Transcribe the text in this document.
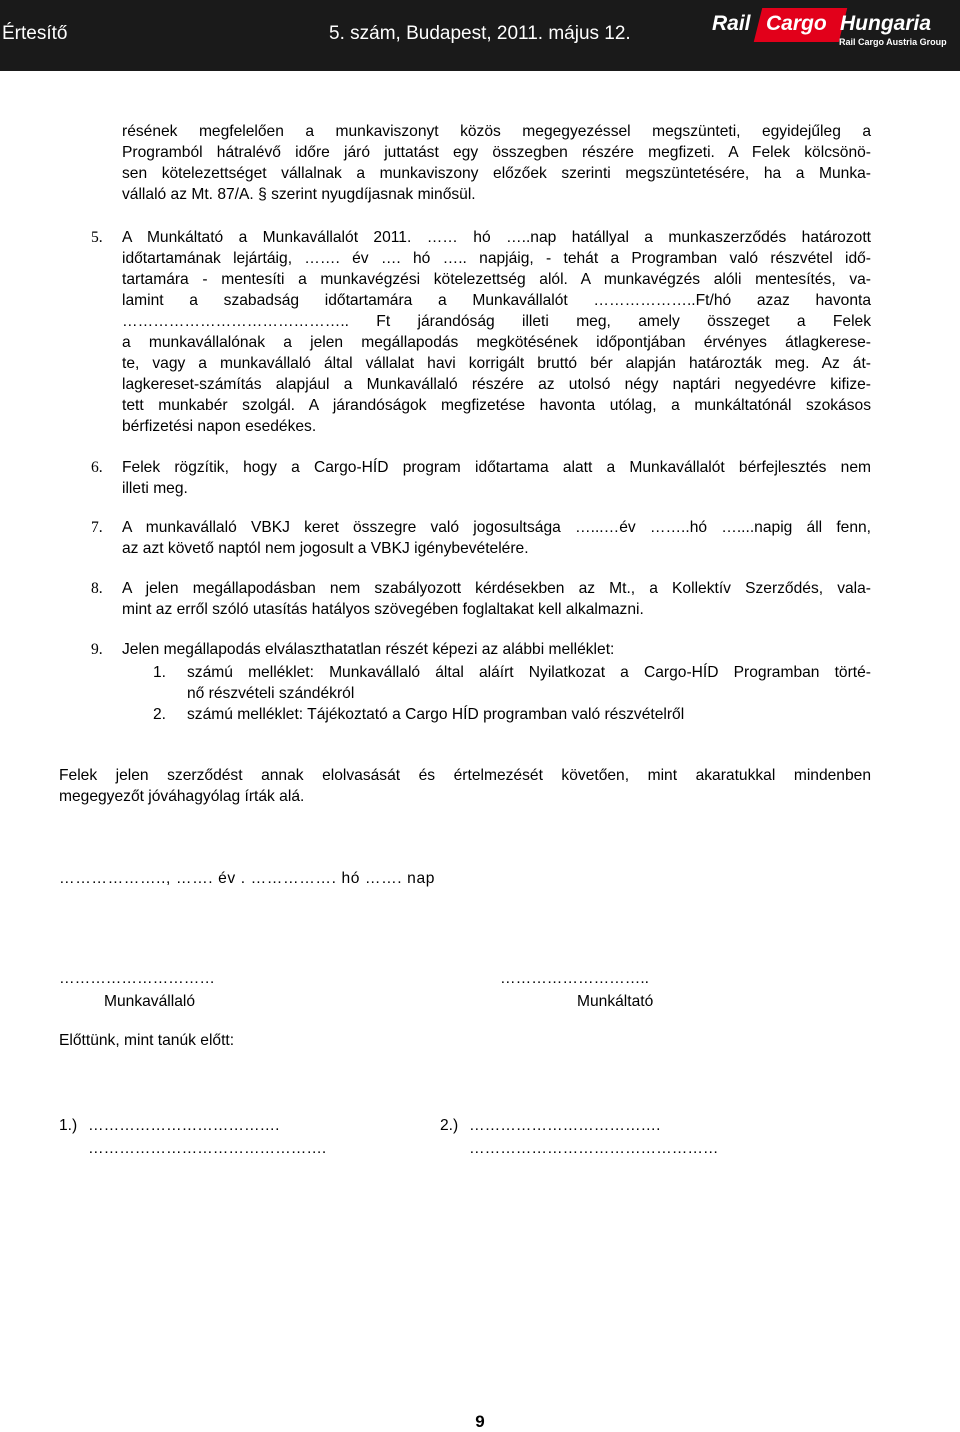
Értesítő	5. szám, Budapest, 2011. május 12.	Rail Cargo Hungaria
Rail Cargo Austria Group
résének megfelelően a munkaviszonyt közös megegyezéssel megszünteti, egyidejűleg a
Programból hátralévő időre járó juttatást egy összegben részére megfizeti. A Felek kölcsönö-
sen kötelezettséget vállalnak a munkaviszony előzőek szerinti megszüntetésére, ha a Munka-
vállaló az Mt. 87/A. § szerint nyugdíjasnak minősül.
5. A Munkáltató a Munkavállalót 2011. …… hó …..nap hatállyal a munkaszerződés határozott
időtartamának lejártáig, ……. év …. hó ….. napjáig, - tehát a Programban való részvétel idő-
tartamára - mentesíti a munkavégzési kötelezettség alól. A munkavégzés alóli mentesítés, va-
lamint a szabadság időtartamára a Munkavállalót ………………..Ft/hó azaz havonta
…………………………………….. Ft járandóság illeti meg, amely összeget a Felek
a munkavállalónak a jelen megállapodás megkötésének időpontjában érvényes átlagkerese-
te, vagy a munkavállaló által vállalat havi korrigált bruttó bér alapján határozták meg. Az át-
lagkereset-számítás alapjául a Munkavállaló részére az utolsó négy naptári negyedévre kifize-
tett munkabér szolgál. A járandóságok megfizetése havonta utólag, a munkáltatónál szokásos
bérfizetési napon esedékes.
6. Felek rögzítik, hogy a Cargo-HÍD program időtartama alatt a Munkavállalót bérfejlesztés nem
illeti meg.
7. A munkavállaló VBKJ keret összegre való jogosultsága …...…év ……..hó …....napig áll fenn,
az azt követő naptól nem jogosult a VBKJ igénybevételére.
8. A jelen megállapodásban nem szabályozott kérdésekben az Mt., a Kollektív Szerződés, vala-
mint az erről szóló utasítás hatályos szövegében foglaltakat kell alkalmazni.
9. Jelen megállapodás elválaszthatatlan részét képezi az alábbi melléklet:
1. számú melléklet: Munkavállaló által aláírt Nyilatkozat a Cargo-HÍD Programban törté-
nő részvételi szándékról
2. számú melléklet: Tájékoztató a Cargo HÍD programban való részvételről
Felek jelen szerződést annak elolvasását és értelmezését követően, mint akaratukkal mindenben
megegyezőt jóváhagyólag írták alá.
……………….., ……. év . ……………. hó ……. nap
…………………………
Munkavállaló
………………………..
Munkáltató
Előttünk, mint tanúk előtt:
1.) ……………………………….
……………………………………….
2.) ……………………………….
…………………………………………
9
